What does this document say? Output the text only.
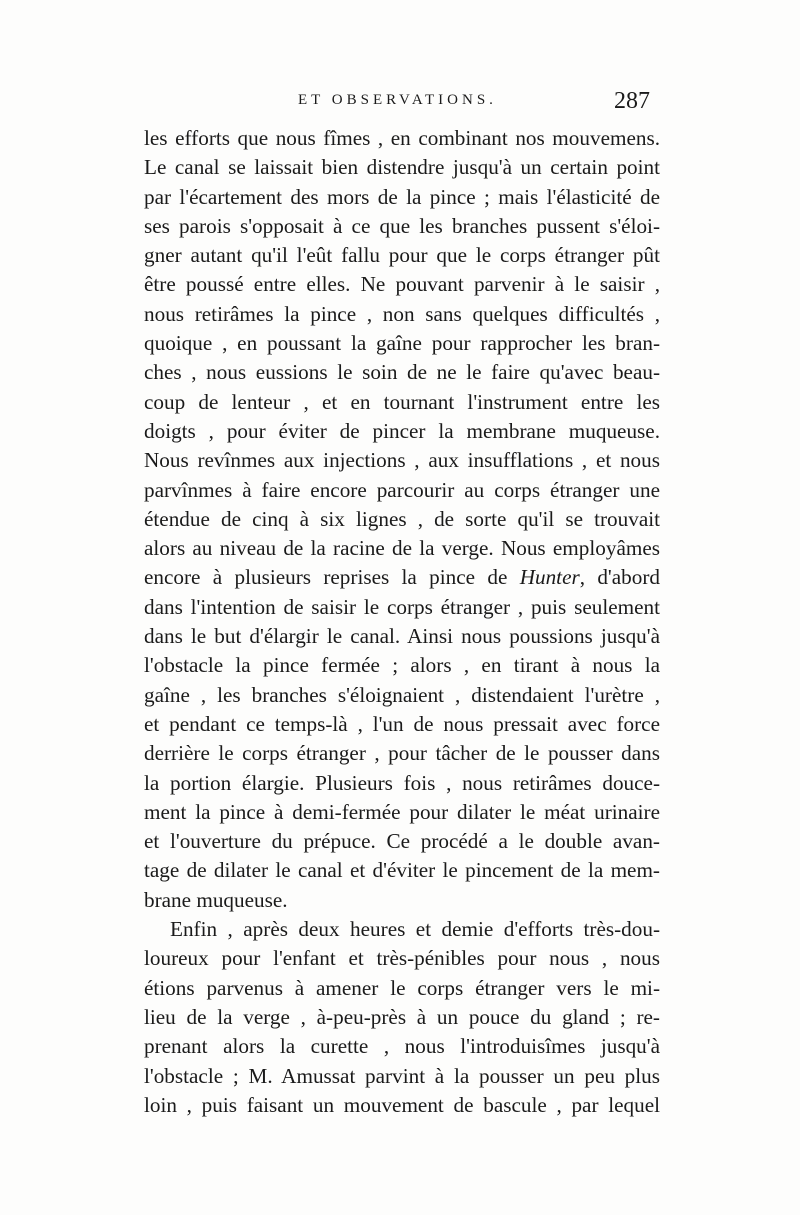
ET OBSERVATIONS.	287
les efforts que nous fîmes , en combinant nos mouvemens.
Le canal se laissait bien distendre jusqu'à un certain point
par l'écartement des mors de la pince ; mais l'élasticité de
ses parois s'opposait à ce que les branches pussent s'éloi-
gner autant qu'il l'eût fallu pour que le corps étranger pût
être poussé entre elles. Ne pouvant parvenir à le saisir ,
nous retirâmes la pince , non sans quelques difficultés ,
quoique , en poussant la gaîne pour rapprocher les bran-
ches , nous eussions le soin de ne le faire qu'avec beau-
coup de lenteur , et en tournant l'instrument entre les
doigts , pour éviter de pincer la membrane muqueuse.
Nous revînmes aux injections , aux insufflations , et nous
parvînmes à faire encore parcourir au corps étranger une
étendue de cinq à six lignes , de sorte qu'il se trouvait
alors au niveau de la racine de la verge. Nous employâmes
encore à plusieurs reprises la pince de Hunter, d'abord
dans l'intention de saisir le corps étranger , puis seulement
dans le but d'élargir le canal. Ainsi nous poussions jusqu'à
l'obstacle la pince fermée ; alors , en tirant à nous la
gaîne , les branches s'éloignaient , distendaient l'urètre ,
et pendant ce temps-là , l'un de nous pressait avec force
derrière le corps étranger , pour tâcher de le pousser dans
la portion élargie. Plusieurs fois , nous retirâmes douce-
ment la pince à demi-fermée pour dilater le méat urinaire
et l'ouverture du prépuce. Ce procédé a le double avan-
tage de dilater le canal et d'éviter le pincement de la mem-
brane muqueuse.
Enfin , après deux heures et demie d'efforts très-dou-
loureux pour l'enfant et très-pénibles pour nous , nous
étions parvenus à amener le corps étranger vers le mi-
lieu de la verge , à-peu-près à un pouce du gland ; re-
prenant alors la curette , nous l'introduisîmes jusqu'à
l'obstacle ; M. Amussat parvint à la pousser un peu plus
loin , puis faisant un mouvement de bascule , par lequel
